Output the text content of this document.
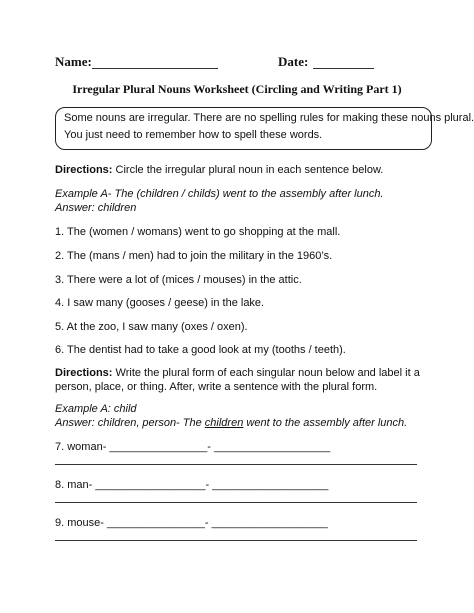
Name:	Date:
Irregular Plural Nouns Worksheet (Circling and Writing Part 1)
Some nouns are irregular. There are no spelling rules for making these nouns plural.
You just need to remember how to spell these words.
Directions: Circle the irregular plural noun in each sentence below.
Example A- The (children / childs) went to the assembly after lunch.
Answer: children
1. The (women / womans) went to go shopping at the mall.
2. The (mans / men) had to join the military in the 1960’s.
3. There were a lot of (mices / mouses) in the attic.
4. I saw many (gooses / geese) in the lake.
5. At the zoo, I saw many (oxes / oxen).
6. The dentist had to take a good look at my (tooths / teeth).
Directions: Write the plural form of each singular noun below and label it a
person, place, or thing. After, write a sentence with the plural form.
Example A: child
Answer: children, person- The children went to the assembly after lunch.
7. woman- ________________- ___________________
8. man- __________________- ___________________
9. mouse- ________________- ___________________
